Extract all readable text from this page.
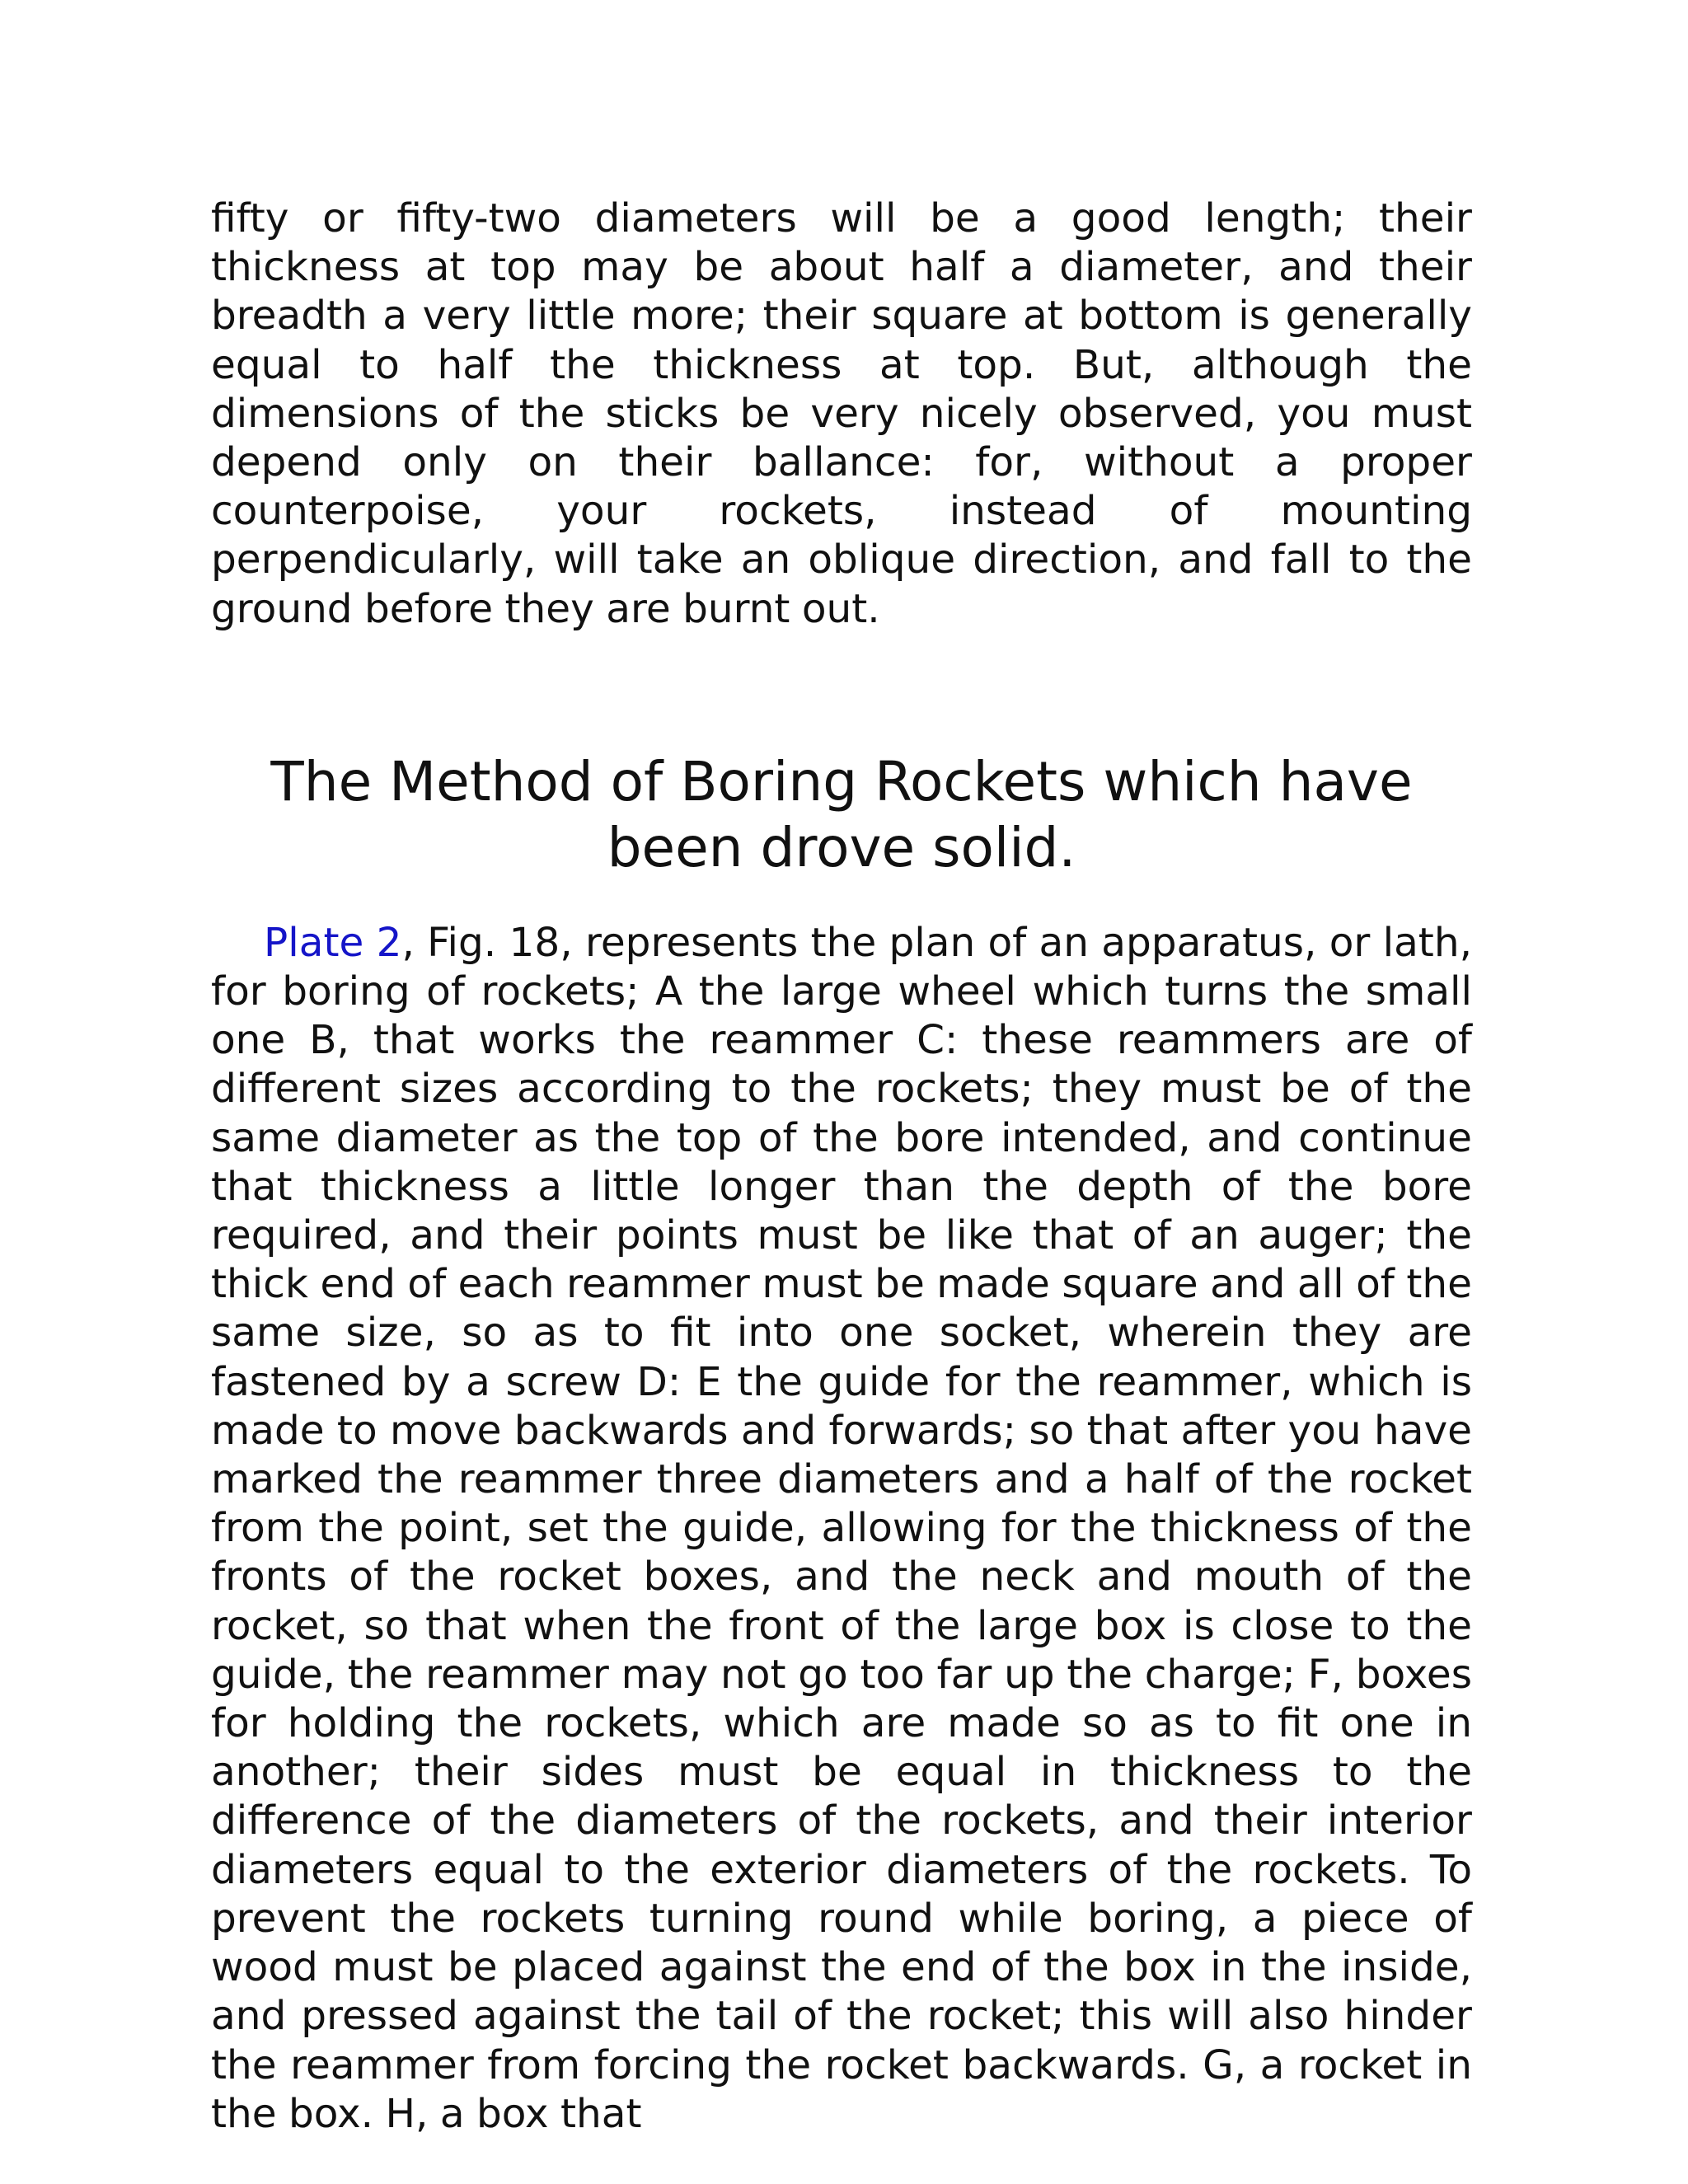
fifty or fifty-two diameters will be a good length; their thickness at top may be about half a diameter, and their breadth a very little more; their square at bottom is generally equal to half the thickness at top. But, although the dimensions of the sticks be very nicely observed, you must depend only on their ballance: for, without a proper counterpoise, your rockets, instead of mounting perpendicularly, will take an oblique direction, and fall to the ground before they are burnt out.

The Method of Boring Rockets which have been drove solid.

Plate 2, Fig. 18, represents the plan of an apparatus, or lath, for boring of rockets; A the large wheel which turns the small one B, that works the reammer C: these reammers are of different sizes according to the rockets; they must be of the same diameter as the top of the bore intended, and continue that thickness a little longer than the depth of the bore required, and their points must be like that of an auger; the thick end of each reammer must be made square and all of the same size, so as to fit into one socket, wherein they are fastened by a screw D: E the guide for the reammer, which is made to move backwards and forwards; so that after you have marked the reammer three diameters and a half of the rocket from the point, set the guide, allowing for the thickness of the fronts of the rocket boxes, and the neck and mouth of the rocket, so that when the front of the large box is close to the guide, the reammer may not go too far up the charge; F, boxes for holding the rockets, which are made so as to fit one in another; their sides must be equal in thickness to the difference of the diameters of the rockets, and their interior diameters equal to the exterior diameters of the rockets. To prevent the rockets turning round while boring, a piece of wood must be placed against the end of the box in the inside, and pressed against the tail of the rocket; this will also hinder the reammer from forcing the rocket backwards. G, a rocket in the box. H, a box that
